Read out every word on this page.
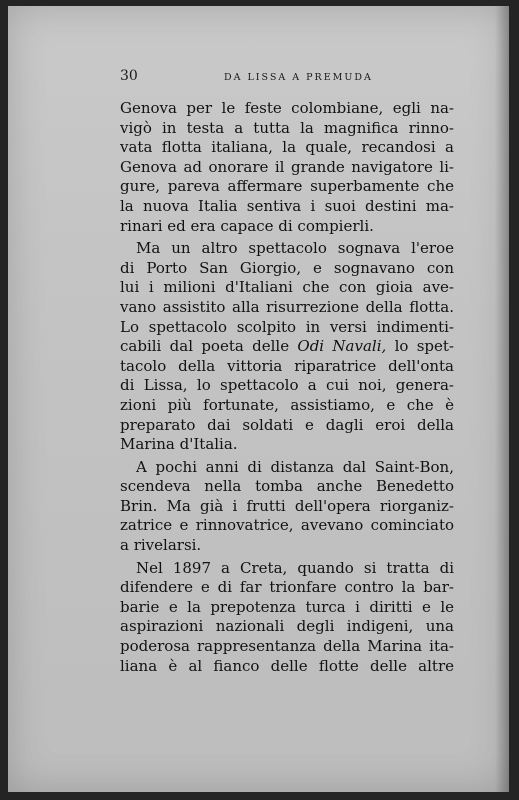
30	DA LISSA A PREMUDA
Genova per le feste colombiane, egli na-
vigò in testa a tutta la magnifica rinno-
vata flotta italiana, la quale, recandosi a
Genova ad onorare il grande navigatore li-
gure, pareva affermare superbamente che
la nuova Italia sentiva i suoi destini ma-
rinari ed era capace di compierli.
Ma un altro spettacolo sognava l'eroe
di Porto San Giorgio, e sognavano con
lui i milioni d'Italiani che con gioia ave-
vano assistito alla risurrezione della flotta.
Lo spettacolo scolpito in versi indimenti-
cabili dal poeta delle Odi Navali, lo spet-
tacolo della vittoria riparatrice dell'onta
di Lissa, lo spettacolo a cui noi, genera-
zioni più fortunate, assistiamo, e che è
preparato dai soldati e dagli eroi della
Marina d'Italia.
A pochi anni di distanza dal Saint-Bon,
scendeva nella tomba anche Benedetto
Brin. Ma già i frutti dell'opera riorganiz-
zatrice e rinnovatrice, avevano cominciato
a rivelarsi.
Nel 1897 a Creta, quando si tratta di
difendere e di far trionfare contro la bar-
barie e la prepotenza turca i diritti e le
aspirazioni nazionali degli indigeni, una
poderosa rappresentanza della Marina ita-
liana è al fianco delle flotte delle altre
